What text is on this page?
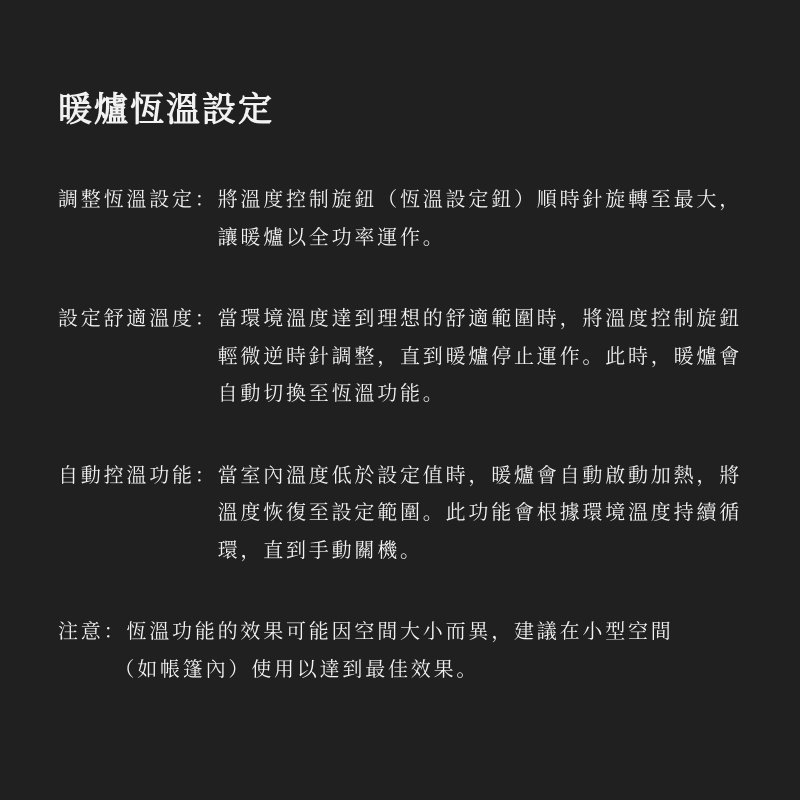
暖爐恆溫設定
調整恆溫設定： 將溫度控制旋鈕（恆溫設定鈕）順時針旋轉至最大，
讓暖爐以全功率運作。
設定舒適溫度： 當環境溫度達到理想的舒適範圍時，將溫度控制旋鈕
輕微逆時針調整，直到暖爐停止運作。此時，暖爐會
自動切換至恆溫功能。
自動控溫功能： 當室內溫度低於設定值時，暖爐會自動啟動加熱，將
溫度恢復至設定範圍。此功能會根據環境溫度持續循
環，直到手動關機。
注意： 恆溫功能的效果可能因空間大小而異，建議在小型空間
（如帳篷內）使用以達到最佳效果。
